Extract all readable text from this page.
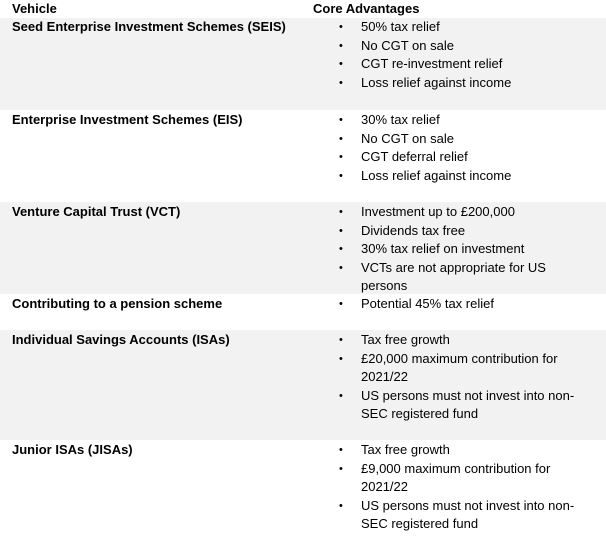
Vehicle	Core Advantages
Seed Enterprise Investment Schemes (SEIS)	• 50% tax relief
• No CGT on sale
• CGT re-investment relief
• Loss relief against income
Enterprise Investment Schemes (EIS)	• 30% tax relief
• No CGT on sale
• CGT deferral relief
• Loss relief against income
Venture Capital Trust (VCT)	• Investment up to £200,000
• Dividends tax free
• 30% tax relief on investment
• VCTs are not appropriate for US persons
Contributing to a pension scheme	• Potential 45% tax relief
Individual Savings Accounts (ISAs)	• Tax free growth
• £20,000 maximum contribution for 2021/22
• US persons must not invest into non-SEC registered fund
Junior ISAs (JISAs)	• Tax free growth
• £9,000 maximum contribution for 2021/22
• US persons must not invest into non-SEC registered fund
